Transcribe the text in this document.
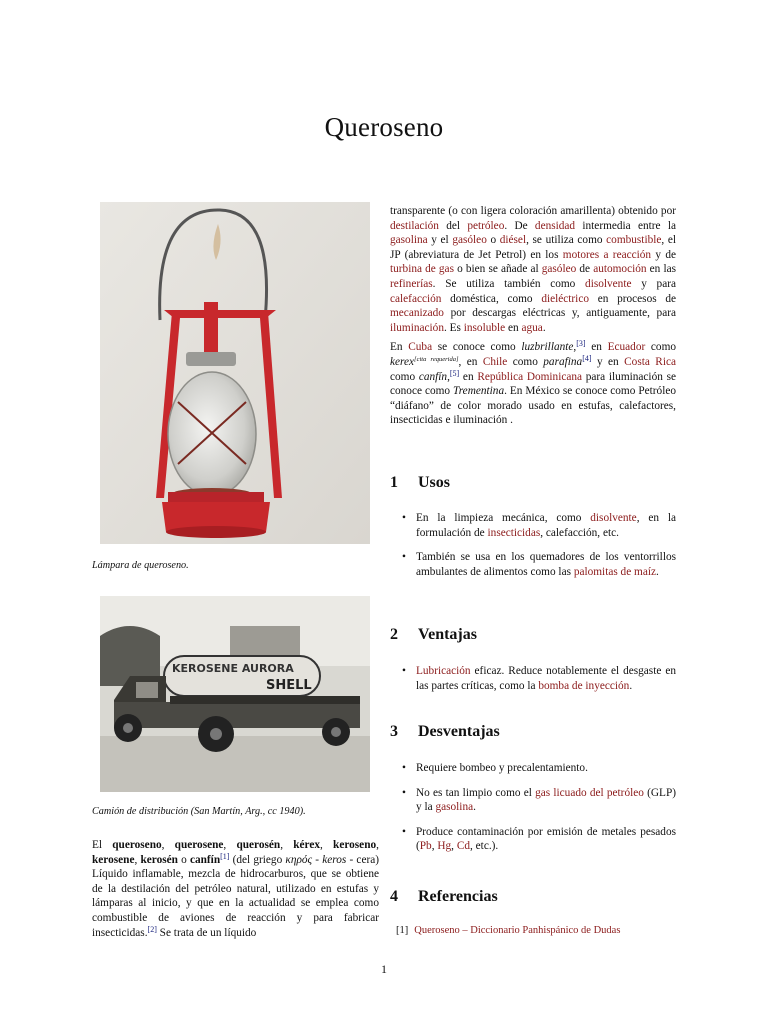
Queroseno

Lámpara de queroseno.

KEROSENE AURORA
SHELL

Camión de distribución (San Martín, Arg., cc 1940).

El queroseno, querosene, querosén, kérex, keroseno, kerosene, kerosén o canfín[1] (del griego κηρός - keros - cera) Líquido inflamable, mezcla de hidrocarburos, que se obtiene de la destilación del petróleo natural, utilizado en estufas y lámparas al inicio, y que en la actualidad se emplea como combustible de aviones de reacción y para fabricar insecticidas.[2] Se trata de un líquido

transparente (o con ligera coloración amarillenta) obtenido por destilación del petróleo. De densidad intermedia entre la gasolina y el gasóleo o diésel, se utiliza como combustible, el JP (abreviatura de Jet Petrol) en los motores a reacción y de turbina de gas o bien se añade al gasóleo de automoción en las refinerías. Se utiliza también como disolvente y para calefacción doméstica, como dieléctrico en procesos de mecanizado por descargas eléctricas y, antiguamente, para iluminación. Es insoluble en agua.

En Cuba se conoce como luzbrillante,[3] en Ecuador como kerex[cita requerida], en Chile como parafina[4] y en Costa Rica como canfín,[5] en República Dominicana para iluminación se conoce como Trementina. En México se conoce como Petróleo “diáfano” de color morado usado en estufas, calefactores, insecticidas e iluminación .

1 Usos
• En la limpieza mecánica, como disolvente, en la formulación de insecticidas, calefacción, etc.
• También se usa en los quemadores de los ventorrillos ambulantes de alimentos como las palomitas de maíz.
2 Ventajas
• Lubricación eficaz. Reduce notablemente el desgaste en las partes críticas, como la bomba de inyección.
3 Desventajas
• Requiere bombeo y precalentamiento.
• No es tan limpio como el gas licuado del petróleo (GLP) y la gasolina.
• Produce contaminación por emisión de metales pesados (Pb, Hg, Cd, etc.).
4 Referencias
[1] Queroseno – Diccionario Panhispánico de Dudas
1
